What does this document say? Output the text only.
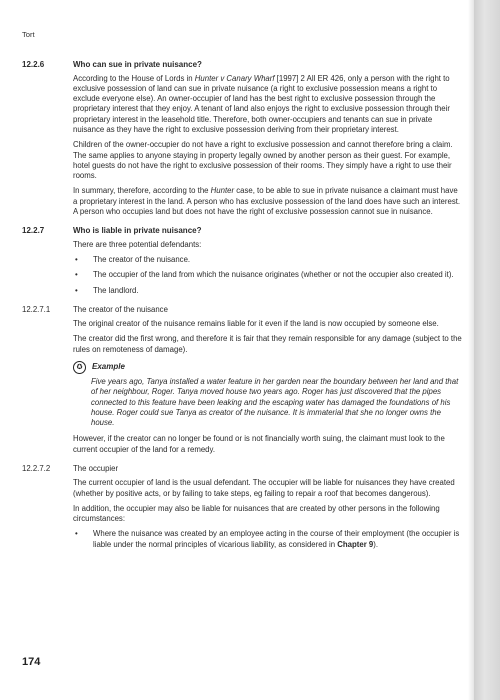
Tort
12.2.6	Who can sue in private nuisance?
According to the House of Lords in Hunter v Canary Wharf [1997] 2 All ER 426, only a person with the right to exclusive possession of land can sue in private nuisance (a right to exclusive possession means a right to exclude everyone else). An owner-occupier of land has the best right to exclusive possession through the proprietary interest that they enjoy. A tenant of land also enjoys the right to exclusive possession through their proprietary interest in the leasehold title. Therefore, both owner-occupiers and tenants can sue in private nuisance as they have the right to exclusive possession deriving from their proprietary interest.
Children of the owner-occupier do not have a right to exclusive possession and cannot therefore bring a claim. The same applies to anyone staying in property legally owned by another person as their guest. For example, hotel guests do not have the right to exclusive possession of their rooms. They simply have a right to use their rooms.
In summary, therefore, according to the Hunter case, to be able to sue in private nuisance a claimant must have a proprietary interest in the land. A person who has exclusive possession of the land does have such an interest. A person who occupies land but does not have the right of exclusive possession cannot sue in nuisance.
12.2.7	Who is liable in private nuisance?
There are three potential defendants:
•	The creator of the nuisance.
•	The occupier of the land from which the nuisance originates (whether or not the occupier also created it).
•	The landlord.
12.2.7.1	The creator of the nuisance
The original creator of the nuisance remains liable for it even if the land is now occupied by someone else.
The creator did the first wrong, and therefore it is fair that they remain responsible for any damage (subject to the rules on remoteness of damage).
✪	Example
Five years ago, Tanya installed a water feature in her garden near the boundary between her land and that of her neighbour, Roger. Tanya moved house two years ago. Roger has just discovered that the pipes connected to this feature have been leaking and the escaping water has damaged the foundations of his house. Roger could sue Tanya as creator of the nuisance. It is immaterial that she no longer owns the house.
However, if the creator can no longer be found or is not financially worth suing, the claimant must look to the current occupier of the land for a remedy.
12.2.7.2	The occupier
The current occupier of land is the usual defendant. The occupier will be liable for nuisances they have created (whether by positive acts, or by failing to take steps, eg failing to repair a roof that becomes dangerous).
In addition, the occupier may also be liable for nuisances that are created by other persons in the following circumstances:
•	Where the nuisance was created by an employee acting in the course of their employment (the occupier is liable under the normal principles of vicarious liability, as considered in Chapter 9).
174
